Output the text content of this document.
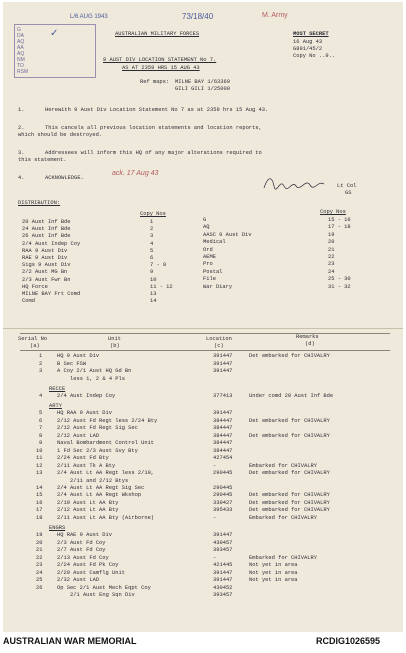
L/6 AUG 1943	73/18/40	M. Army
G
DA
AQ
AA
AQ
NM
TO
RSM
✓	AUSTRALIAN MILITARY FORCES	MOST SECRET
16 Aug 43
G891/45/2
Copy No ..9..
9 AUST DIV LOCATION STATEMENT No 7.
AS AT 2359 HRS 15 AUG 43
Ref maps: MILNE BAY 1/63360
GILI GILI 1/25000
1.	Herewith 9 Aust Div Location Statement No 7 as at 2359 hrs 15 Aug 43.
2.	This cancels all previous location statements and location reports,
which should be destroyed.
3.	Addressees will inform this HQ of any major alterations required to
this statement.
4.	ACKNOWLEDGE.
ack. 17 Aug 43
Lt Col
GS
DISTRIBUTION:
Copy Nos	Copy Nos
20 Aust Inf Bde	1
24 Aust Inf Bde	2
26 Aust Inf Bde	3
2/4 Aust Indep Coy	4
RAA 9 Aust Div	5
RAE 9 Aust Div	6
Sigs 9 Aust Div	7 - 8
2/2 Aust MG Bn	9
2/3 Aust Fwr Bn	10
HQ Force	11 - 12
MILNE BAY Frt Comd	13
Comd	14
G	15 - 16
AQ	17 - 18
AASC 9 Aust Div	19
Medical	20
Ord	21
AEME	22
Pro	23
Postal	24
File	25 - 30
War Diary	31 - 32
Serial No
(a)
Unit
(b)
Location
(c)
Remarks
(d)
1	HQ 9 Aust Div	391447	Det embarked for CHIVALRY
2	B Sec FSW	391447
3	A Coy 2/1 Aust HQ Gd Bn	391447
less 1, 2 & 4 Pls
RECCE
4	2/4 Aust Indep Coy	377413	Under comd 20 Aust Inf Bde
ARTY
5	HQ RAA 9 Aust Div	391447
6	2/12 Aust Fd Regt less 2/24 Bty	384447	Det embarked for CHIVALRY
7	2/12 Aust Fd Regt Sig Sec	384447
8	2/12 Aust LAD	384447	Det embarked for CHIVALRY
9	Naval Bombardment Control Unit	384447
10	1 Fd Sec 2/3 Aust Svy Bty	384447
11	2/24 Aust Fd Bty	427454
12	2/11 Aust Tk A Bty	-	Embarked for CHIVALRY
13	2/4 Aust Lt AA Regt less 2/10,	290445	Det embarked for CHIVALRY
2/11 and 2/12 Btys
14	2/4 Aust Lt AA Regt Sig Sec	290445
15	2/4 Aust Lt AA Regt Wkshop	290445	Det embarked for CHIVALRY
16	2/10 Aust Lt AA Bty	330427	Det embarked for CHIVALRY
17	2/12 Aust Lt AA Bty	395433	Det embarked for CHIVALRY
18	2/11 Aust Lt AA Bty (Airborne)	-	Embarked for CHIVALRY
ENGRS
19	HQ RAE 9 Aust Div	391447
20	2/3 Aust Fd Coy	430457
21	2/7 Aust Fd Coy	393457
22	2/13 Aust Fd Coy	-	Embarked for CHIVALRY
23	2/24 Aust Fd Pk Coy	421445	Not yet in area
24	2/29 Aust Camflg Unit	391447	Not yet in area
25	2/32 Aust LAD	391447	Not yet in area
26	Op Sec 2/1 Aust Mech Eqpt Coy	430452
2/1 Aust Eng Sqn Div	393457
AUSTRALIAN WAR MEMORIAL	RCDIG1026595
